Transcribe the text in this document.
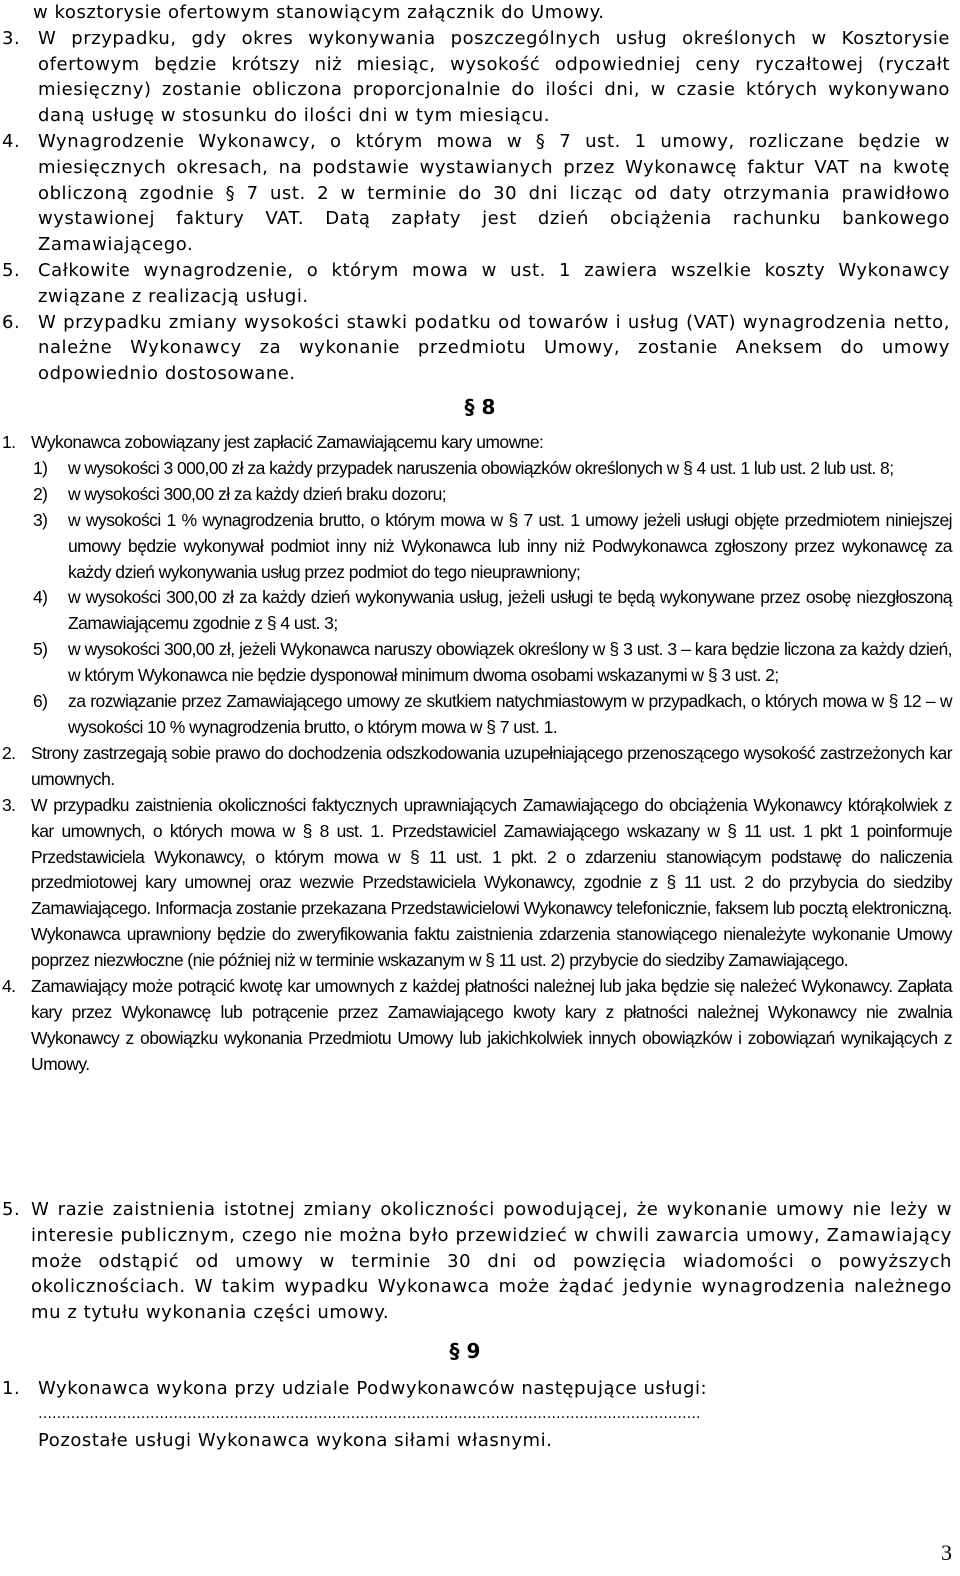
w kosztorysie ofertowym stanowiącym załącznik do Umowy.
3. W przypadku, gdy okres wykonywania poszczególnych usług określonych w Kosztorysie ofertowym będzie krótszy niż miesiąc, wysokość odpowiedniej ceny ryczałtowej (ryczałt miesięczny) zostanie obliczona proporcjonalnie do ilości dni, w czasie których wykonywano daną usługę w stosunku do ilości dni w tym miesiącu.
4. Wynagrodzenie Wykonawcy, o którym mowa w § 7 ust. 1 umowy, rozliczane będzie w miesięcznych okresach, na podstawie wystawianych przez Wykonawcę faktur VAT na kwotę obliczoną zgodnie § 7 ust. 2 w terminie do 30 dni licząc od daty otrzymania prawidłowo wystawionej faktury VAT. Datą zapłaty jest dzień obciążenia rachunku bankowego Zamawiającego.
5. Całkowite wynagrodzenie, o którym mowa w ust. 1 zawiera wszelkie koszty Wykonawcy związane z realizacją usługi.
6. W przypadku zmiany wysokości stawki podatku od towarów i usług (VAT) wynagrodzenia netto, należne Wykonawcy za wykonanie przedmiotu Umowy, zostanie Aneksem do umowy odpowiednio dostosowane.
§ 8
1. Wykonawca zobowiązany jest zapłacić Zamawiającemu kary umowne:
1) w wysokości 3 000,00 zł za każdy przypadek naruszenia obowiązków określonych w § 4 ust. 1 lub ust. 2 lub ust. 8;
2) w wysokości 300,00 zł za każdy dzień braku dozoru;
3) w wysokości 1 % wynagrodzenia brutto, o którym mowa w § 7 ust. 1 umowy jeżeli usługi objęte przedmiotem niniejszej umowy będzie wykonywał podmiot inny niż Wykonawca lub inny niż Podwykonawca zgłoszony przez wykonawcę za każdy dzień wykonywania usług przez podmiot do tego nieuprawniony;
4) w wysokości 300,00 zł za każdy dzień wykonywania usług, jeżeli usługi te będą wykonywane przez osobę niezgłoszoną Zamawiającemu zgodnie z § 4 ust. 3;
5) w wysokości 300,00 zł, jeżeli Wykonawca naruszy obowiązek określony w § 3 ust. 3 – kara będzie liczona za każdy dzień, w którym Wykonawca nie będzie dysponował minimum dwoma osobami wskazanymi w § 3 ust. 2;
6) za rozwiązanie przez Zamawiającego umowy ze skutkiem natychmiastowym w przypadkach, o których mowa w § 12 – w wysokości 10 % wynagrodzenia brutto, o którym mowa w § 7 ust. 1.
2. Strony zastrzegają sobie prawo do dochodzenia odszkodowania uzupełniającego przenoszącego wysokość zastrzeżonych kar umownych.
3. W przypadku zaistnienia okoliczności faktycznych uprawniających Zamawiającego do obciążenia Wykonawcy którąkolwiek z kar umownych, o których mowa w § 8 ust. 1. Przedstawiciel Zamawiającego wskazany w § 11 ust. 1 pkt 1 poinformuje Przedstawiciela Wykonawcy, o którym mowa w § 11 ust. 1 pkt. 2 o zdarzeniu stanowiącym podstawę do naliczenia przedmiotowej kary umownej oraz wezwie Przedstawiciela Wykonawcy, zgodnie z § 11 ust. 2 do przybycia do siedziby Zamawiającego. Informacja zostanie przekazana Przedstawicielowi Wykonawcy telefonicznie, faksem lub pocztą elektroniczną. Wykonawca uprawniony będzie do zweryfikowania faktu zaistnienia zdarzenia stanowiącego nienależyte wykonanie Umowy poprzez niezwłoczne (nie później niż w terminie wskazanym w § 11 ust. 2) przybycie do siedziby Zamawiającego.
4. Zamawiający może potrącić kwotę kar umownych z każdej płatności należnej lub jaka będzie się należeć Wykonawcy. Zapłata kary przez Wykonawcę lub potrącenie przez Zamawiającego kwoty kary z płatności należnej Wykonawcy nie zwalnia Wykonawcy z obowiązku wykonania Przedmiotu Umowy lub jakichkolwiek innych obowiązków i zobowiązań wynikających z Umowy.
5. W razie zaistnienia istotnej zmiany okoliczności powodującej, że wykonanie umowy nie leży w interesie publicznym, czego nie można było przewidzieć w chwili zawarcia umowy, Zamawiający może odstąpić od umowy w terminie 30 dni od powzięcia wiadomości o powyższych okolicznościach. W takim wypadku Wykonawca może żądać jedynie wynagrodzenia należnego mu z tytułu wykonania części umowy.
§ 9
1. Wykonawca wykona przy udziale Podwykonawców następujące usługi:
…………………………………………………………………………………………………………………………….
Pozostałe usługi Wykonawca wykona siłami własnymi.
3
